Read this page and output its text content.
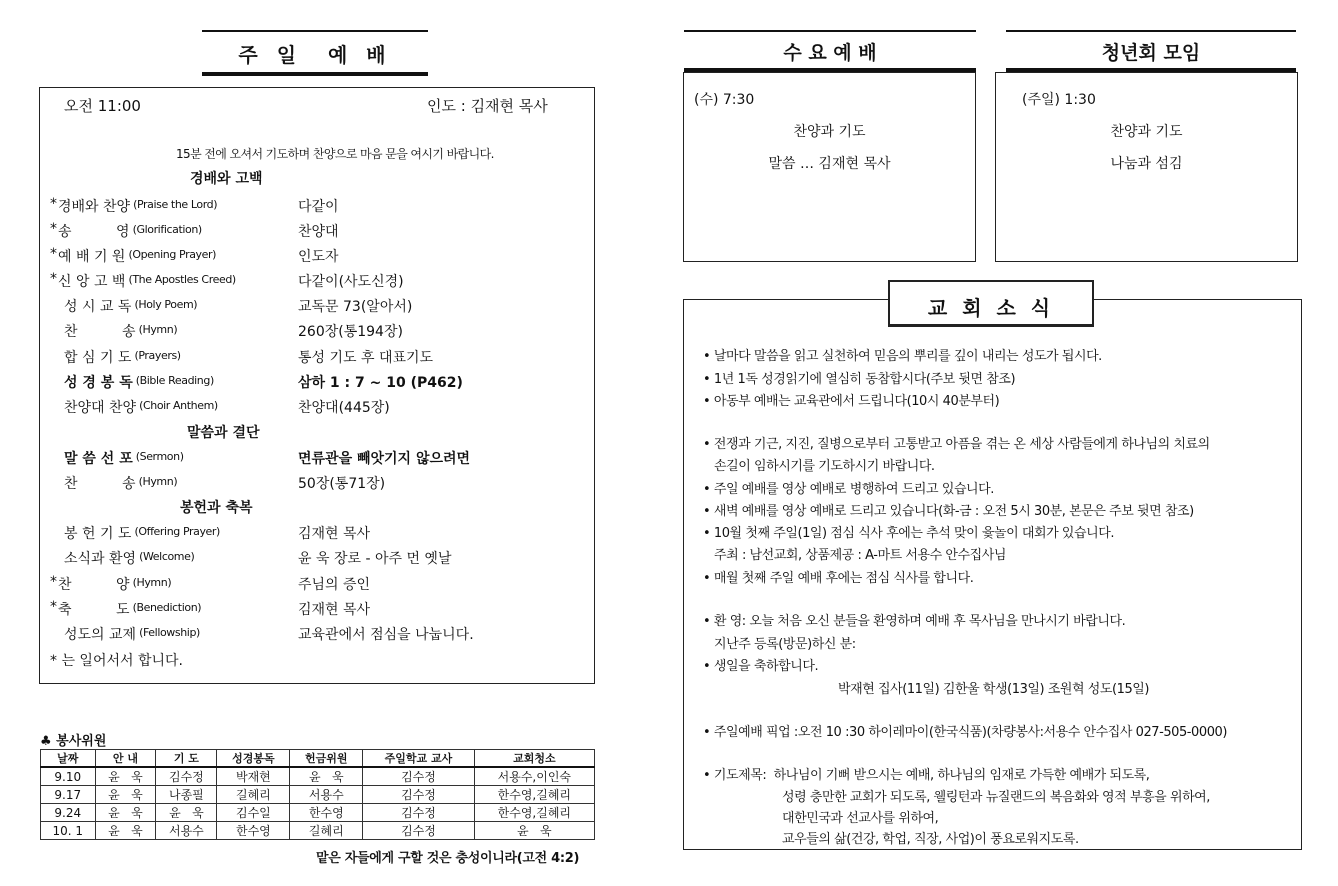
주 일  예 배
오전 11:00	인도 : 김재현 목사
15분 전에 오셔서 기도하며 찬양으로 마음 문을 여시기 바랍니다.
경배와 고백
말씀과 결단
봉헌과 축복
* 는 일어서서 합니다.
* 경배와 찬양 (Praise the Lord)	다같이
* 송          영 (Glorification)	찬양대
* 예 배 기 원 (Opening Prayer)	인도자
* 신 앙 고 백 (The Apostles Creed)	다같이(사도신경)
성 시 교 독 (Holy Poem)	교독문 73(알아서)
찬          송 (Hymn)	260장(통194장)
합 심 기 도 (Prayers)	통성 기도 후 대표기도
성 경 봉 독 (Bible Reading)	삼하 1 : 7 ~ 10 (P462)
찬양대 찬양 (Choir Anthem)	찬양대(445장)
말 씀 선 포 (Sermon)	면류관을 빼앗기지 않으려면
찬          송 (Hymn)	50장(통71장)
봉 헌 기 도 (Offering Prayer)	김재현 목사
소식과 환영 (Welcome)	윤 욱 장로 - 아주 먼 옛날
* 찬          양 (Hymn)	주님의 증인
* 축          도 (Benediction)	김재현 목사
성도의 교제 (Fellowship)	교육관에서 점심을 나눕니다.
♣ 봉사위원
날짜	안 내	기 도	성경봉독	헌금위원	주일학교 교사	교회청소
9.10	윤   욱	김수정	박재현	윤   욱	김수정	서용수,이인숙
9.17	윤   욱	나종필	길혜리	서용수	김수정	한수영,길혜리
9.24	윤   욱	윤   욱	김수일	한수영	김수정	한수영,길혜리
10. 1	윤   욱	서용수	한수영	길혜리	김수정	윤   욱
맡은 자들에게 구할 것은 충성이니라(고전 4:2)
수 요 예 배
(수) 7:30
찬양과 기도
말씀 … 김재현 목사
청년회 모임
(주일) 1:30
찬양과 기도
나눔과 섬김
교 회 소 식
• 날마다 말씀을 읽고 실천하여 믿음의 뿌리를 깊이 내리는 성도가 됩시다.
• 1년 1독 성경읽기에 열심히 동참합시다(주보 뒷면 참조)
• 아동부 예배는 교육관에서 드립니다(10시 40분부터)
• 전쟁과 기근, 지진, 질병으로부터 고통받고 아픔을 겪는 온 세상 사람들에게 하나님의 치료의
손길이 임하시기를 기도하시기 바랍니다.
• 주일 예배를 영상 예배로 병행하여 드리고 있습니다.
• 새벽 예배를 영상 예배로 드리고 있습니다(화-금 : 오전 5시 30분, 본문은 주보 뒷면 참조)
• 10월 첫째 주일(1일) 점심 식사 후에는 추석 맞이 윷놀이 대회가 있습니다.
주최 : 남선교회, 상품제공 : A-마트 서용수 안수집사님
• 매월 첫째 주일 예배 후에는 점심 식사를 합니다.
• 환 영: 오늘 처음 오신 분들을 환영하며 예배 후 목사님을 만나시기 바랍니다.
지난주 등록(방문)하신 분:
• 생일을 축하합니다.
박재현 집사(11일) 김한울 학생(13일) 조원혁 성도(15일)
• 주일예배 픽업 :오전 10 :30 하이레마이(한국식품)(차량봉사:서용수 안수집사 027-505-0000)
• 기도제목:  하나님이 기뻐 받으시는 예배, 하나님의 임재로 가득한 예배가 되도록,
성령 충만한 교회가 되도록, 웰링턴과 뉴질랜드의 복음화와 영적 부흥을 위하여,
대한민국과 선교사를 위하여,
교우들의 삶(건강, 학업, 직장, 사업)이 풍요로워지도록.
